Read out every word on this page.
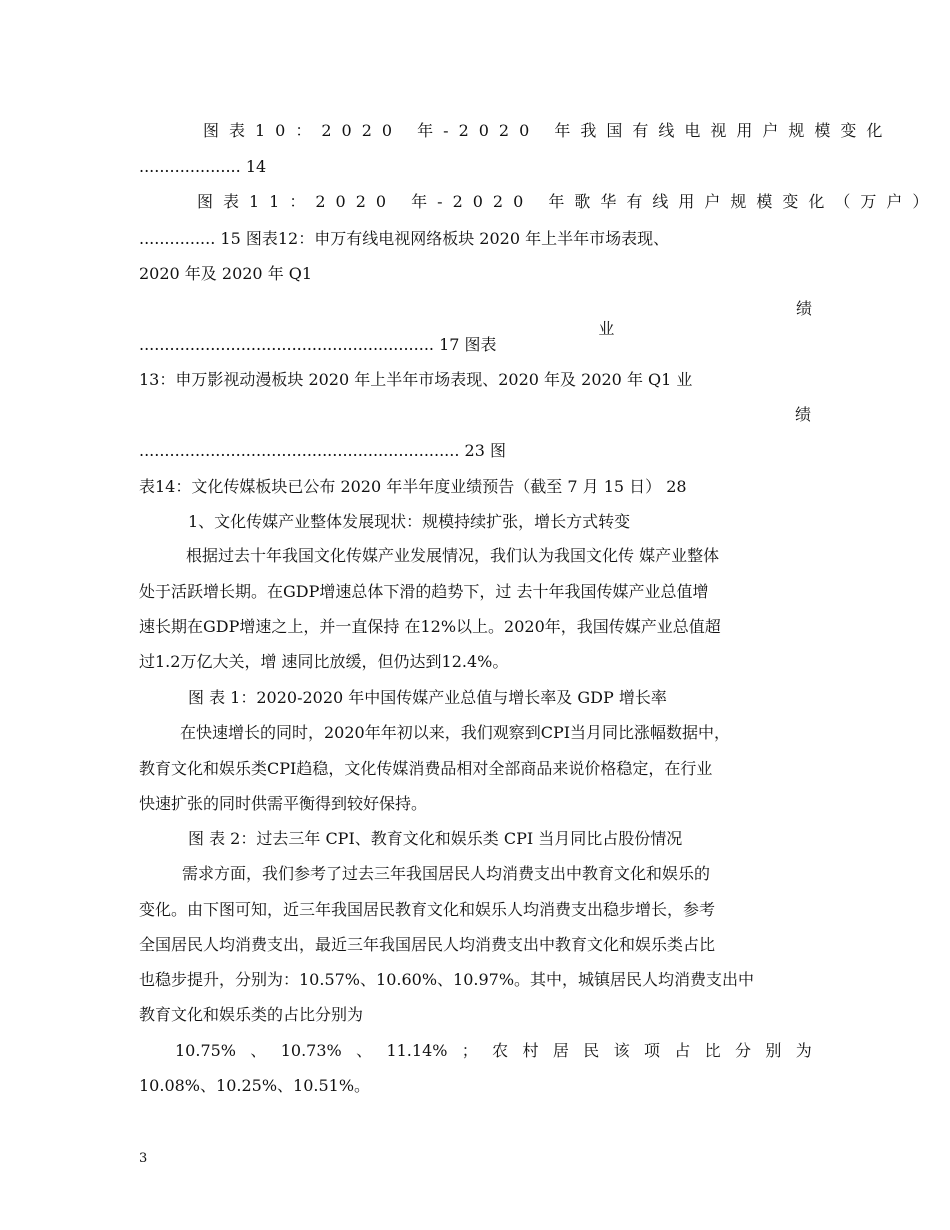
图表10：2020 年-2020 年我国有线电视用户规模变化
.................... 14
图表11：2020 年-2020 年歌华有线用户规模变化（万户）
............... 15 图表12：申万有线电视网络板块 2020 年上半年市场表现、
2020 年及 2020 年 Q1

业

绩

.......................................................... 17 图表
13：申万影视动漫板块 2020 年上半年市场表现、2020 年及 2020 年 Q1 业
绩
............................................................... 23 图
表14：文化传媒板块已公布 2020 年半年度业绩预告（截至 7 月 15 日） 28
1、文化传媒产业整体发展现状：规模持续扩张，增长方式转变
根据过去十年我国文化传媒产业发展情况，我们认为我国文化传 媒产业整体
处于活跃增长期。在GDP增速总体下滑的趋势下，过 去十年我国传媒产业总值增
速长期在GDP增速之上，并一直保持 在12%以上。2020年，我国传媒产业总值超
过1.2万亿大关，增 速同比放缓，但仍达到12.4%。
图 表 1：2020-2020 年中国传媒产业总值与增长率及 GDP 增长率
在快速增长的同时，2020年年初以来，我们观察到CPI当月同比涨幅数据中，
教育文化和娱乐类CPI趋稳，文化传媒消费品相对全部商品来说价格稳定，在行业
快速扩张的同时供需平衡得到较好保持。
图 表 2：过去三年 CPI、教育文化和娱乐类 CPI 当月同比占股份情况
需求方面，我们参考了过去三年我国居民人均消费支出中教育文化和娱乐的
变化。由下图可知，近三年我国居民教育文化和娱乐人均消费支出稳步增长，参考
全国居民人均消费支出，最近三年我国居民人均消费支出中教育文化和娱乐类占比
也稳步提升，分别为：10.57%、10.60%、10.97%。其中，城镇居民人均消费支出中
教育文化和娱乐类的占比分别为
10.75% 、 10.73% 、 11.14% ； 农 村 居 民 该 项 占 比 分 别 为
10.08%、10.25%、10.51%。
3
